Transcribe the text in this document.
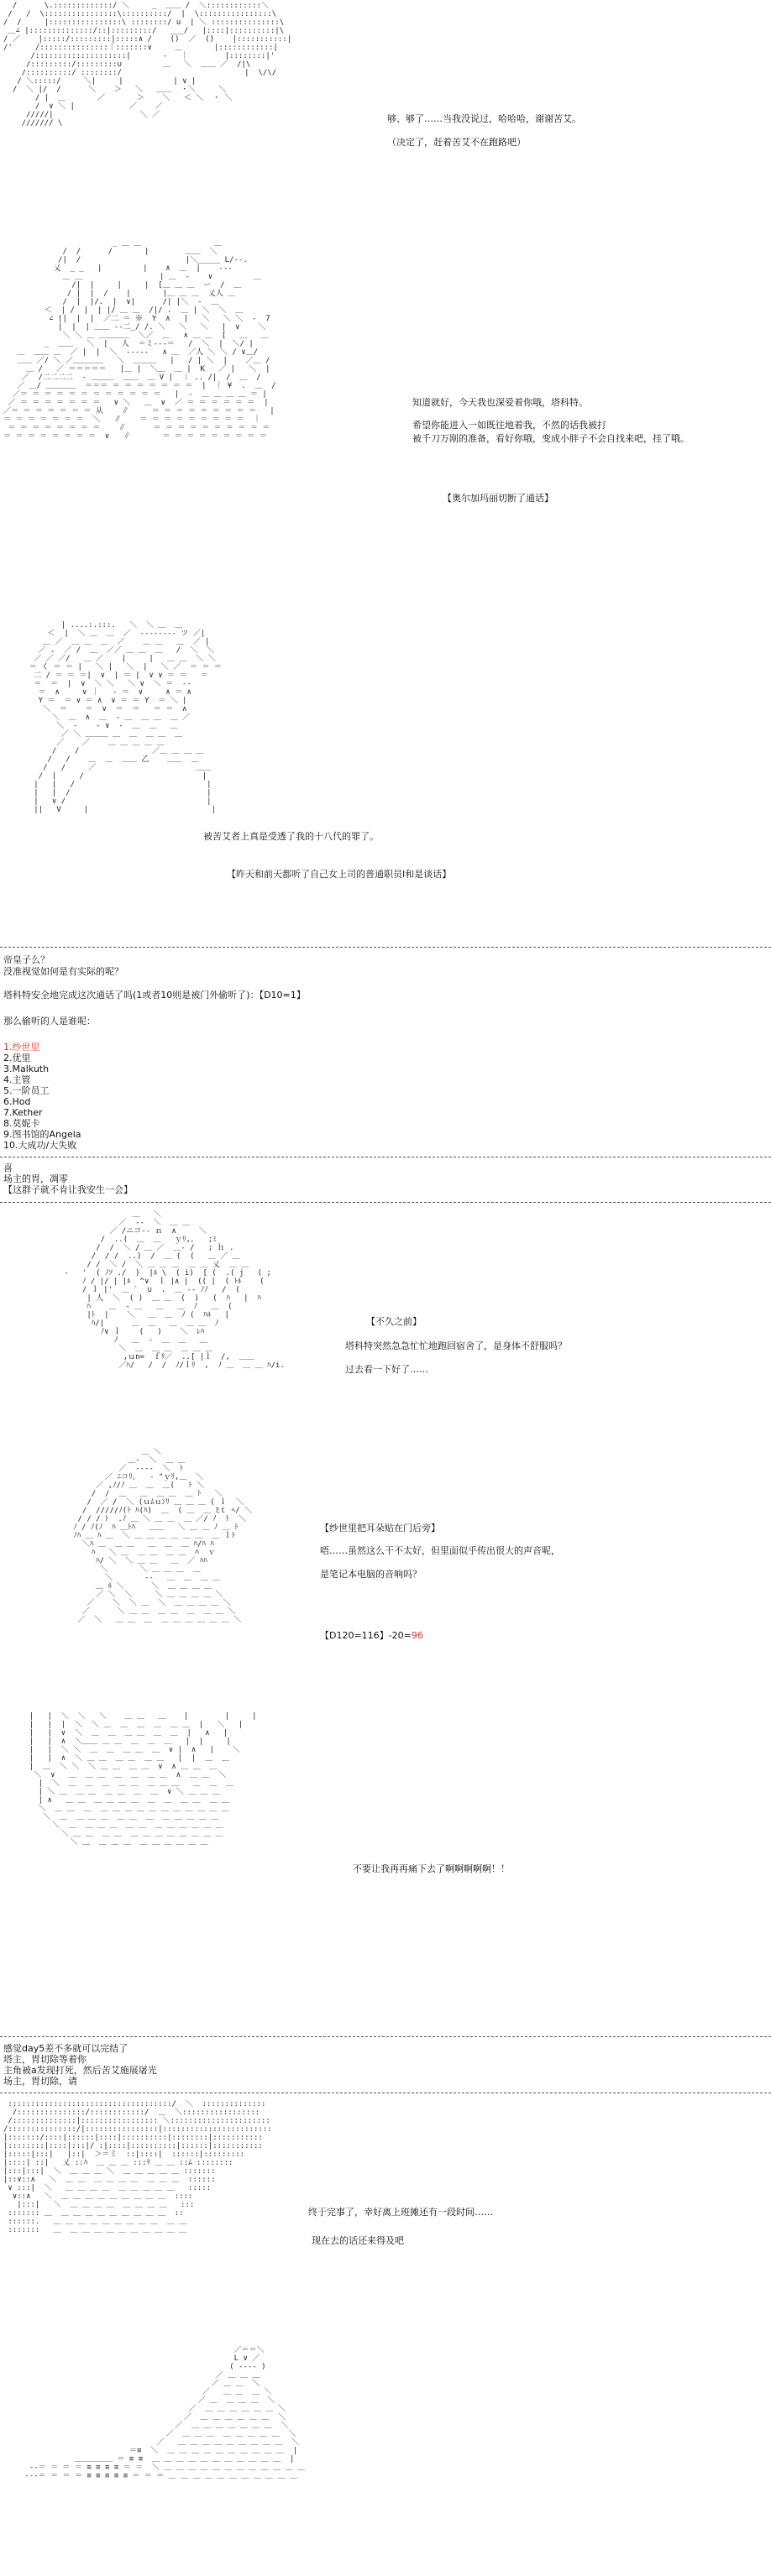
/      \.:::::::::::::/ ＼     _  ＿＿ /  ＼::::::::::::＼
/   /  \::::::::::::::::\::::::::::/  |  \::::::::::::::::\
/  /     |::::::::::::::::\ ::::::::/ u  | ＼ :::::::::::::::\
＿∠ |::::::::::::::/::|:::::::::/   ___/   |::::|::::::::::|\
/ ／    |:::::/:::::::::|:::::∧ /    ()  ／  ()    |:::::::::::|
/'     /:::::::::::::::｜:::::::∨     ＿       |::::::::::::|
/::::::::::::::::::::|       ‐   ｜        |::::::::|'
/:::::::::/:::::::::∪         ＿   ＼  ＿＿ ／  /|\
/::::::::::/ ::::::::/                           |  \/\/
/ ＼:::::/     ＼|     |           | ∨ |
/  ＼ |/  /      ＼    ＞   ＼   ＿＿  ・＼     ＼
/ |  ＿       ／       ＞    ＼   ＜ ＼  ・ ＼
/  ∨ ＼ |            ／    ／
/////|                   ＼ ／
/////// \	够、够了……当我没说过，哈哈哈，谢谢苦艾。
（决定了，赶着苦艾不在跑路吧）
_ ＿ ＿                ＿
/  /      /       |        ＿＿  ＼
/|  /                       |＼_____ L/‐‐.
乂  _ _   |         |    ∧  ＿  |    ‐‐‐
＿ ＿                 | ＿  ‐    ∨         ＿
/|  |     |     |  [＿ ＿ ＿  ー  /  ＿
/ |  |  /    |       |＿ ＿ ＿  乂人 ＿
/  |  |/.  |  ∨|      /| |＼  ‐  ＿
＜  | /  |  | |/ ＿ ＿  /|/ .  ＿ | ＼  ＼  ＿
∠ ||  |  |  ／二 ＝ ※  Y  ∧   |   ＼   ＼ ＼  -  7
|  |  | ＿＿ ‐‐二_/ /. ＼   ＼   ＼   |  ∨    ＼
＼ ＼ ＿ ＿＿＿＿  ＼／  ＿   ∧ ＿ ＿  [   ＿   ＿
_  ＿＿   ＼  |   人  ＝ミ‐‐‐＝   /  ＼  |  ＼/ |
＿  ＿＿ ＿  ／ |  |  ＼  ‐‐‐‐‐   ∧ ＿  ／人 ＼ ＼ / ∨＿/
＿＿ ／/ ＼ ／＿＿＿＿   ＼  ＿＿＿   |   / | ＼  |    ／＿ /
＿ /   ／ ＝＝＝＝＝   |＿ |  ＼＿  ＿ |  K   ／ |   ＼  |
／  /二二二二  ‐ ＿＿＿  ＿＿  ＿ V |  ｜ .. /|  /  ＿  /
／ ＿/ ＿＿＿＿  ＝＝＝ ＝ ＝ ＝ ＝ ＝ ＝ ＝  |  ｜ ¥  .  ＿  /
／＝ ＝ ＝ ＝ ＝ ＝ ＝ ＝ ＝ ＝ ＝ ＝   |  ‐  ＿ ＿ ＿ ＿ ＝ |
／ ＝ ＝ ＝ ＝ ＝ ＝ ＝   ∨ ＼   ＿  ∨  ／ ＝ ＝ ＝ ＝ ＝ ＝  |
／＝ ＝ ＝ ＝ ＝ ＝ ＝ 从    ∥     ＝ ＝ ＝ ＝ ＝ ＝ ＝ ＝ ＝   |
＝ ＝ ＝ ＝ ＝ ＝ ＝  ＼   ∥    ＝ ＝ ＝ ＝ ＝ ＝ ＝ ＝ ＝  ｜
＝ ＝ ＝ ＝ ＝ ＝ ＝ ＝    ∥      ＝ ＝ ＝ ＝ ＝ ＝ ＝ ＝ ＝ ＝
＝ ＝ ＝ ＝ ＝ ＝ ＝ ＝  ∨   ∥       ＝ ＝ ＝ ＝ ＝ ＝ ＝ ＝ ＝
知道就好，今天我也深爱着你哦，塔科特。
希望你能进入一如既往地着我，不然的话我被打
被千刀万剐的准备，看好你哦，变成小胖子不会自找来吧，挂了哦。
【奥尔加玛丽切断了通话】
| ....:.:::.   ＼  ＼ ＿  ＿
＜  |  ＼ ＿  ＿  ／  ‐‐‐‐‐‐‐‐ ツ ／|
＿ ／  ＿ ＿  ＿  ／    ＿ ＿   ＿  ／ |
／ .  ／ /  ＿  ／／ ＿ ＿  ＿   /  ＼  ＼
／ ／ ／/   ＿ ／    |     |   ＿ ＿  ＼ ＼
＝ く ＝ ＝ |   ＼ |   ＼  |   ＼ ／  ＝ ＝ ＝
二 / ＝ ＝ ＝|  ∨  | ＝ |  ∨ ∨ ＝ ＝   ＝
＝  ＝  |  ∨  ＼ ＼   ＼ ∨  ＼ ＝  ‐‐
＝  ∧     ∨ ｜   ‐ ＝  ∨     ∧ ＝ ∧
Y ＝  ＝ ∨ ＝ ∧  ∨ ＝ ＝ Y  ＝ ＼ |
＼  ＝    ＝  ∨  ＝  ＝   ＝ ＝  ∧
＼  ＿  ∧  ＿  ‐ ＿  ＿ ＿  ＿ ／
＼  ‐    ‐ ∨  ‐  ＿  ＿   ＿
／ ＼ ＿＿＿ ＿  ＿  ＿ ＿  ＿
／    ／    ＿ ＿ ＿ ＿ ＿
/    /                ／＿ ＿ ＿ ＿
/   /    ＿  ＿  ＿＿ 乙    ＿＿  ＿
/   /     ／                      ＿＿
/  |     /                          |
|   |   /                             |
|   |  /                              |
|   ∨ /                               |
||   V     |                           |
被苦艾者上真是受透了我的十八代的罪了。
【昨天和前天都听了自己女上司的普通职员I和是谈话】
帝皇子么？
没准视觉如何是有实际的呢？
塔科特安全地完成这次通话了吗(1或者10则是被门外偷听了)：【D10=1】
那么偷听的人是谁呢：
1.纱世里
2.优里
3.Malkuth
4.主管
5.一阶员工
6.Hod
7.Kether
8.莫妮卡
9.图书馆的Angela
10.大成功/大失败
喜
场主的胃，凋零
【这群子就不肯让我安生一会】
＿   ＼
／  ‐‐  ＼  ＿ ＿
／ /ニコ‐‐ ｎ  ∧     ＼
/  ..(  ＿  ＿   ｙﾘ,｡   ;ﾐ
/  /  ＼ / ＿ ／  ＿‐ /   ; ｈ .
/  / /  ..)  /  ＿ (  (   ＿ ／ ＿
/ /  ＼ /  ＼ ＿ ＿ ＿  ＿ ＿ 乂  ＿ ＿
-   '  ( ﾉｿ ./  )  |ﾙ \  ( i)  [ (  .( j   ( ;
ﾉ / |/ | |ﾙ  ^∨  ｌ |∧ |  (( |  ( ﾄﾙ    (
/ ｌ |'  ＿ ˋ  ∪  .  ＿ ‐‐ ﾉﾉ   /  (
| 人  ＼  ( )  ＿ ＿  (  )   (  ﾊ   |  ﾊ
ﾊ    ＿  ‐ ＿   ＿   ＿  ﾉ   ＿  (
|ﾄ  |    ＼   ＿  ＿  ﾉ (  ﾊﾙ   |
ﾊ/|      ＿  ＿   ＿  ＿ ＿  ﾉ
ﾉ∨ ｌ    (   )    ＼  ﾚﾊ
ﾉ   ＿  ‐  ＿  ＿   ＿
＼  ＿  ＿ ＿  ＿ ＿ ＿
,ｕn=  ｆﾘ／  ..[ |ｌ  /,  ＿＿
／ﾊ/   /  /  ﾉ/ｌﾘ  ,  ﾉ ＿  ＿ ＿ ﾊ/i.
【不久之前】
塔科特突然急急忙忙地跑回宿舍了，是身体不舒服吗？
过去看一下好了……
＿ ＼
＿‐  ＼  ＿ ＿
／  ‐‐‐‐  ＼  ﾄ
／ ﾆコﾘ｡   ‐ "ｙﾘ,＿  ＼
／ ,ﾉ/ﾉ ＿  ＿  ＿(   ﾄ ＼
/  /  ＿   ＿  ＿ ＿  ＿ ﾄ   ＼
/  ／ /  ＼ (ｕﾑｕﾝﾘ ＿ ＿ ＿ ( ｌ  ＼
/  /////ﾉ(ﾄ ﾊ(ﾊ)  ＿  ( ＿  ＿ ﾋｔ ﾍ/ ＼
/ / / ﾄ  .ﾉ ＿ ＼ ＿ ＿  ＿ ／/ ﾉ  ﾄ  ＼
ﾉ / ﾉ(ﾉ  ﾊ ＿ﾄﾊ   ＿＿   ＼ ＿ ＿ ﾉ ＿ ﾄ
ﾉﾊ ＿ ﾊ ＿  ＼ ＿ ＿ ＿ ＿ ＿ ＿  ＿ ｌﾄ
＼ﾊ ＿  ＿ ＿   ＿  ＿  ＿ ﾊ/ﾊ ﾊ
ﾊ   ＼ ＿  ＿ ＿  ＿ ＿  ﾊ  ｖ
ﾊ/ ＼  ＼ ＿ ＿   ＿  ／ ﾊﾊ
＼       ＼ ＿ ＿ ＿  ＿
＼       ‐‐   ＿  ＿  ＿ ＿
＿ ﾙ ＼      ＼  ＿ ＿ ＿ ＿
／ ＼  ＼     ＼ ＿ ＿ ＿ ＿ ＼
／    ＼  ＼ ＿  ＼  ＿ ＿ ＿ ＿ ＼
／      ＼ ＿ ＿  ＿ ＿  ＿  ＿ ＿ ＼
／  ＼   ＿ ＿  ＿  ＿ ＿ ＿ ＿ ＿ ＿ ＼
【纱世里把耳朵贴在门后旁】
唔……虽然这么干不太好，但里面似乎传出很大的声音呢，
是笔记本电脑的音响吗？
【D120=116】-20=96
|   |  ＼  ＼   ＼    ＿ ＿   ＿    |        |     |
|   |  |  ＼  ＼ ＿  ＿  ＿  ＿  ＿ ＿  |   ＼   |
|   |  ∨  ＼  ＿  ＿  ＿ ＿  ＿  ＿  |   ∧   |
|   |  ∧  ＼＿＿ ＿ ＿  ＿  ＿  ＿   |  |     |
|   |  ＼ ＼  ＿  ＿  ＿ ＿  ＿  ∨ |  ∧   |    ＼
|   |  ∧  ＼ ＿ ＿  ＿ ＿  ＿ ＿   |  |  ＿  ＿
|  ＿  ＼ ＼  ＼ ＿ ＿  ＿ ＿  ∨  ∧ ＿ ＿  ＿
＼  ∨   ＿  ＿ ＿  ＿  ＿  ＿ ＿  ∧  ＿ ＿  ＼
|  ＼  ＿  ＿  ＿  ＿ ＿  ＿ ＿ ＿   ＿  ＿  ＿
| ＼ ＿  ＿ ＿  ＿ ＿  ＿  ＿  ∨ ＼ ＿ ＿ ＿
| ∧   ＿ ＿  ＿ ＿ ＿ ＿  ＿  ＿  ＿ ＿  ＿ ＿
＼  ＿ ＿  ＿  ＿ ＿ ＿ ＿ ＿ ＿ ＿ ＿ ＿ ＿ ＿
＼  ＿  ＿ ＿ ＿  ＿ ＿  ＿  ＿ ＿ ＿ ＿ ＿
＼  ＿  ＿ ＿ ＿  ＿ ＿  ＿ ＿ ＿ ＿ ＿ ＿
＼ ＿ ＿  ＿ ＿  ＿ ＿ ＿ ＿ ＿ ＿ ＿ ＿
＼ ＿  ＿ ＿ ＿  ＿ ＿ ＿ ＿ ＿ ＿
不要让我再再痛下去了啊啊啊啊啊！！
感觉day5差不多就可以完结了
塔主，胃切除等着你
主角被a发现打死，然后苦艾施展屠光
场主，胃切除，请
::::::::::::::::::::::::::::::::::::/  ＼  ::::::::::::::
/:::::::::::::::/::::::::::::/  ＿  ＼:::::::::::::::::
/::::::::::::::|::::::::::::::::: ＼::::::::::::::::::::::
/:::::::::::::::/|::::::::::::::::|::::::::::::::::::::::::
|:::::::/::::|::::::|::::|::::::::::|::::::::|:::::::::::
|::::::::|::::|:::|/ :|::::|::::::::::|::::::|:::::::::::
|:::::|:::|   |::|  ＞＝ミ  ::|::::|  ::::::|:::::::::
|::::| ::|   乂 ::ﾊ  ＿ ＿ ＿ :::ﾘ ＿ ＿ ::ﾑ ::::::::
|:::|:::|  ＼  ＿ ＿ ＿ ＼  ＿ ＿ ＿ ＿ ＿ :::::::
|::∨::∧   ＼  ＿ ＿  ＿ ＿ ＿ ＿  ＿ ＿ ＿  ::::::
∨ :::|  ＼   ＿ ＿ ＿ ＿  ＿ ＿ ＿ ＿ ＿   :::::
∨::∧   ＼  ＿ ＿ ＿ ＿ ＿ ＿ ＿ ＿ ＿  ::::
|:::|   ＼  ＿ ＿ ＿ ＿  ＿ ＿ ＿ ＿   :::
::::::: ＿  ＿ ＿ ＿ ＿ ＿ ＿ ＿ ＿ ＿  ::
::::::.   ＿ ＿ ＿ ＿ ＿ ＿ ＿ ＿ ＿  ＿ ＿
:::::::   ＿  ＿ ＿ ＿ ＿ ＿ ＿ ＿ ＿ ＿ ＿
终于完事了，幸好离上班摊还有一段时间……
现在去的话还来得及吧
／＝＝＼
L ∨ ／
( ‐‐‐‐ )
／ ＿ ＿ ＿
／ ＿ ＿  ＼
／   ＿ ＿  ＿ ＼
／ ＿  ＿ ＿ ＿  ＼
／  ＿ ＿ ＿ ＿ ＿ ＿ ＼
／  ＿ ＿ ＿ ＿ ＿ ＿  ＼
／  ＿ ＿ ＿ ＿ ＿ ＿ ＿  ＼
／  ＿ ＿ ＿  ＿ ＿ ＿ ＿ ＿  ＼
／   ＿ ＿ ＿ ＿ ＿ ＿ ＿ ＿ ＿  ＼
＝≡  ＼  ＿ ＿ ＿ ＿ ＿ ＿ ＿ ＿ ＿ ＿  |
＿＿＿＿＿ ＝ ≡ ≡  ＿ ＿ ＿ ＿ ＿ ＿ ＿ ＿ ＿ ＿ ＿  |
‐‐＝ ＝ ＝ ＝ ≡ ≡ ≡ ≡ ＝ ＝  ＼ ＿ ＿ ＿ ＿ ＿ ＿ ＿ ＿ ＿ ＿ ＿ ＿
‐‐‐＝ ＝ ＝ ＝ ≡ ≡ ≡ ≡ ≡ ＝ ＝ ＝ ＿ ＿ ＿ ＿ ＿ ＿ ＿ ＿ ＿ ＿ ＿
